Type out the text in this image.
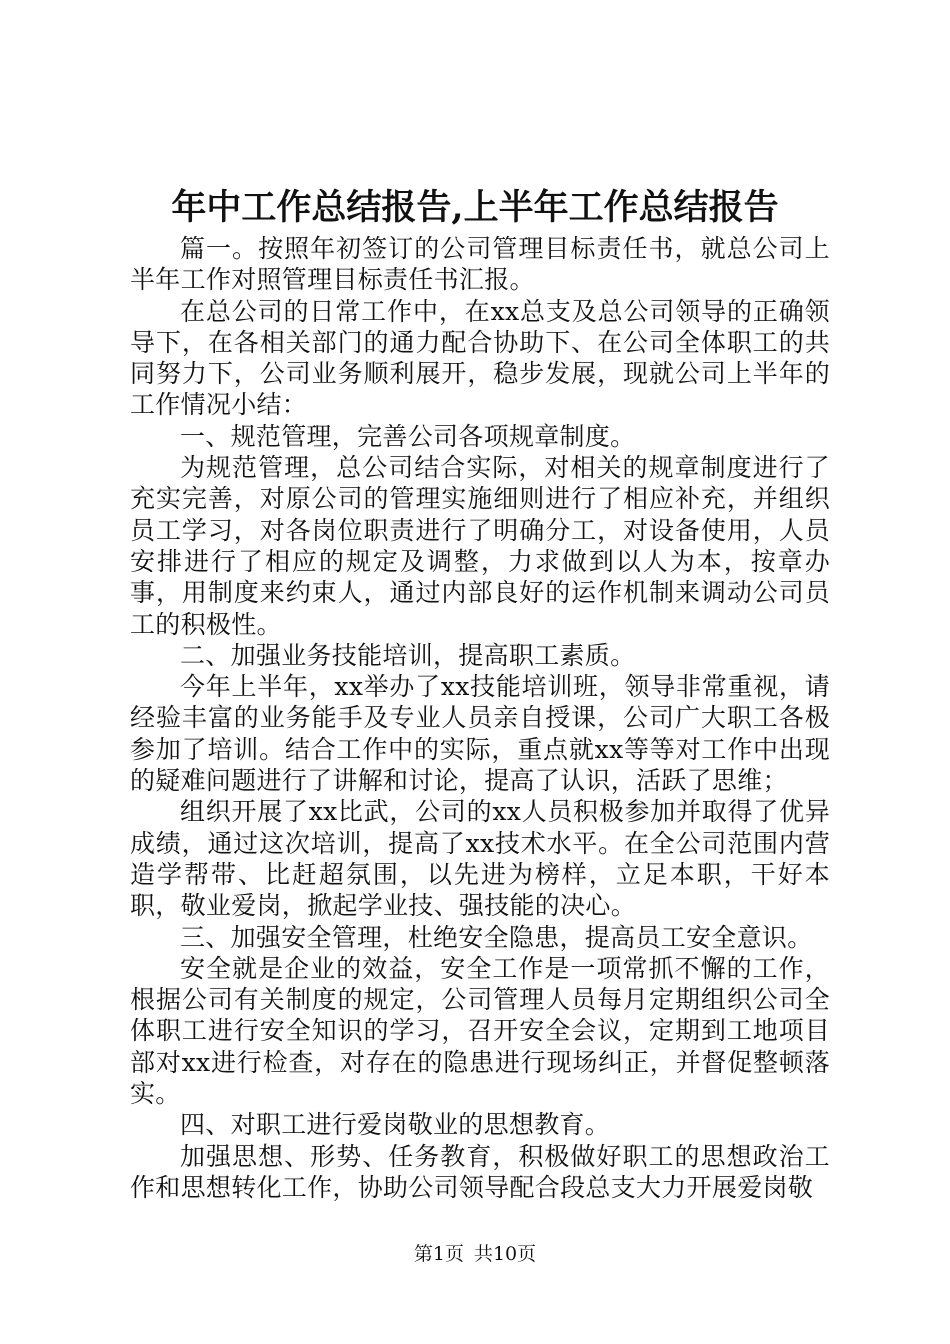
年中工作总结报告,上半年工作总结报告

篇一。按照年初签订的公司管理目标责任书，就总公司上半年工作对照管理目标责任书汇报。

在总公司的日常工作中，在xx总支及总公司领导的正确领导下，在各相关部门的通力配合协助下、在公司全体职工的共同努力下，公司业务顺利展开，稳步发展，现就公司上半年的工作情况小结：

一、规范管理，完善公司各项规章制度。

为规范管理，总公司结合实际，对相关的规章制度进行了充实完善，对原公司的管理实施细则进行了相应补充，并组织员工学习，对各岗位职责进行了明确分工，对设备使用，人员安排进行了相应的规定及调整，力求做到以人为本，按章办事，用制度来约束人，通过内部良好的运作机制来调动公司员工的积极性。

二、加强业务技能培训，提高职工素质。

今年上半年，xx举办了xx技能培训班，领导非常重视，请经验丰富的业务能手及专业人员亲自授课，公司广大职工各极参加了培训。结合工作中的实际，重点就xx等等对工作中出现的疑难问题进行了讲解和讨论，提高了认识，活跃了思维；

组织开展了xx比武，公司的xx人员积极参加并取得了优异成绩，通过这次培训，提高了xx技术水平。在全公司范围内营造学帮带、比赶超氛围，以先进为榜样，立足本职，干好本职，敬业爱岗，掀起学业技、强技能的决心。

三、加强安全管理，杜绝安全隐患，提高员工安全意识。

安全就是企业的效益，安全工作是一项常抓不懈的工作，根据公司有关制度的规定，公司管理人员每月定期组织公司全体职工进行安全知识的学习，召开安全会议，定期到工地项目部对xx进行检查，对存在的隐患进行现场纠正，并督促整顿落实。

四、对职工进行爱岗敬业的思想教育。

加强思想、形势、任务教育，积极做好职工的思想政治工作和思想转化工作，协助公司领导配合段总支大力开展爱岗敬

第1页 共10页
